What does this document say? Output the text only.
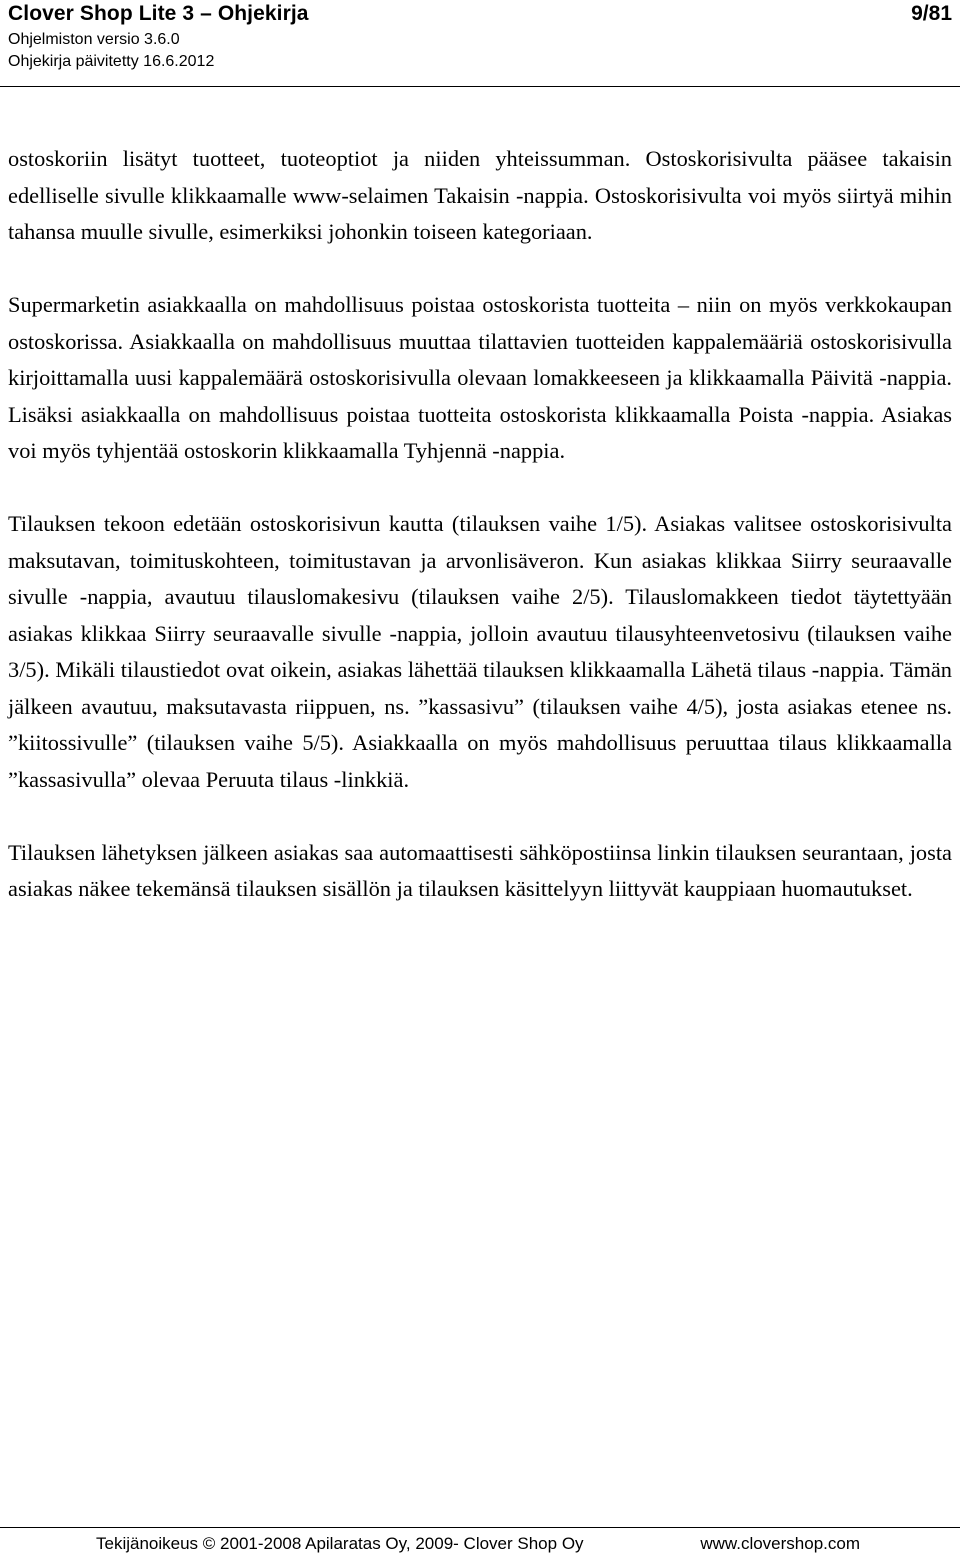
Clover Shop Lite 3 – Ohjekirja	9/81
Ohjelmiston versio 3.6.0
Ohjekirja päivitetty 16.6.2012

ostoskoriin lisätyt tuotteet, tuoteoptiot ja niiden yhteissumman. Ostoskorisivulta pääsee takaisin edelliselle sivulle klikkaamalle www-selaimen Takaisin -nappia. Ostoskorisivulta voi myös siirtyä mihin tahansa muulle sivulle, esimerkiksi johonkin toiseen kategoriaan.

Supermarketin asiakkaalla on mahdollisuus poistaa ostoskorista tuotteita – niin on myös verkkokaupan ostoskorissa. Asiakkaalla on mahdollisuus muuttaa tilattavien tuotteiden kappalemääriä ostoskorisivulla kirjoittamalla uusi kappalemäärä ostoskorisivulla olevaan lomakkeeseen ja klikkaamalla Päivitä -nappia. Lisäksi asiakkaalla on mahdollisuus poistaa tuotteita ostoskorista klikkaamalla Poista -nappia. Asiakas voi myös tyhjentää ostoskorin klikkaamalla Tyhjennä -nappia.

Tilauksen tekoon edetään ostoskorisivun kautta (tilauksen vaihe 1/5). Asiakas valitsee ostoskorisivulta maksutavan, toimituskohteen, toimitustavan ja arvonlisäveron. Kun asiakas klikkaa Siirry seuraavalle sivulle -nappia, avautuu tilauslomakesivu (tilauksen vaihe 2/5). Tilauslomakkeen tiedot täytettyään asiakas klikkaa Siirry seuraavalle sivulle -nappia, jolloin avautuu tilausyhteenvetosivu (tilauksen vaihe 3/5). Mikäli tilaustiedot ovat oikein, asiakas lähettää tilauksen klikkaamalla Lähetä tilaus -nappia. Tämän jälkeen avautuu, maksutavasta riippuen, ns. ”kassasivu” (tilauksen vaihe 4/5), josta asiakas etenee ns. ”kiitossivulle” (tilauksen vaihe 5/5). Asiakkaalla on myös mahdollisuus peruuttaa tilaus klikkaamalla ”kassasivulla” olevaa Peruuta tilaus -linkkiä.

Tilauksen lähetyksen jälkeen asiakas saa automaattisesti sähköpostiinsa linkin tilauksen seurantaan, josta asiakas näkee tekemänsä tilauksen sisällön ja tilauksen käsittelyyn liittyvät kauppiaan huomautukset.

Tekijänoikeus © 2001-2008 Apilaratas Oy, 2009- Clover Shop Oy	www.clovershop.com
